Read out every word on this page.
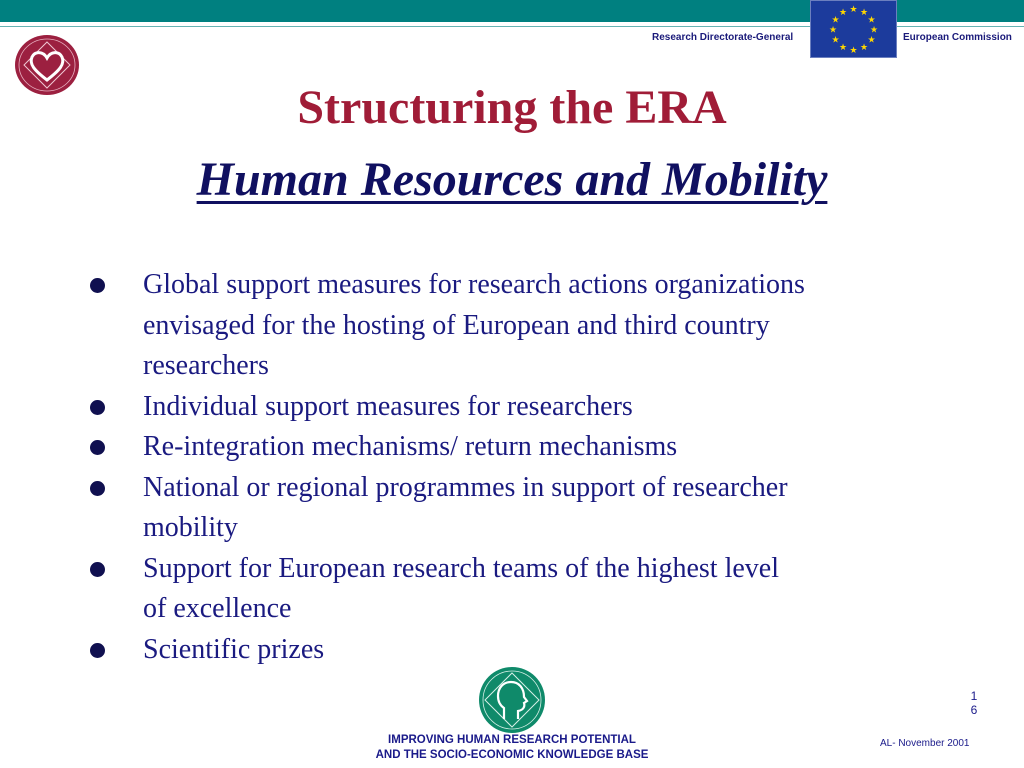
Research Directorate-General	European Commission
★ ★
★
★
★
★
★
★
★
★
★
★
Structuring the ERA
Human Resources and Mobility
Global support measures for research actions organizations
envisaged for the hosting of European and third country
researchers
Individual support measures for researchers
Re-integration mechanisms/ return mechanisms
National or regional programmes in support of researcher
mobility
Support for European research teams of the highest level
of excellence
Scientific prizes
IMPROVING HUMAN RESEARCH POTENTIAL
AND THE SOCIO-ECONOMIC KNOWLEDGE BASE
1
6
AL- November 2001
